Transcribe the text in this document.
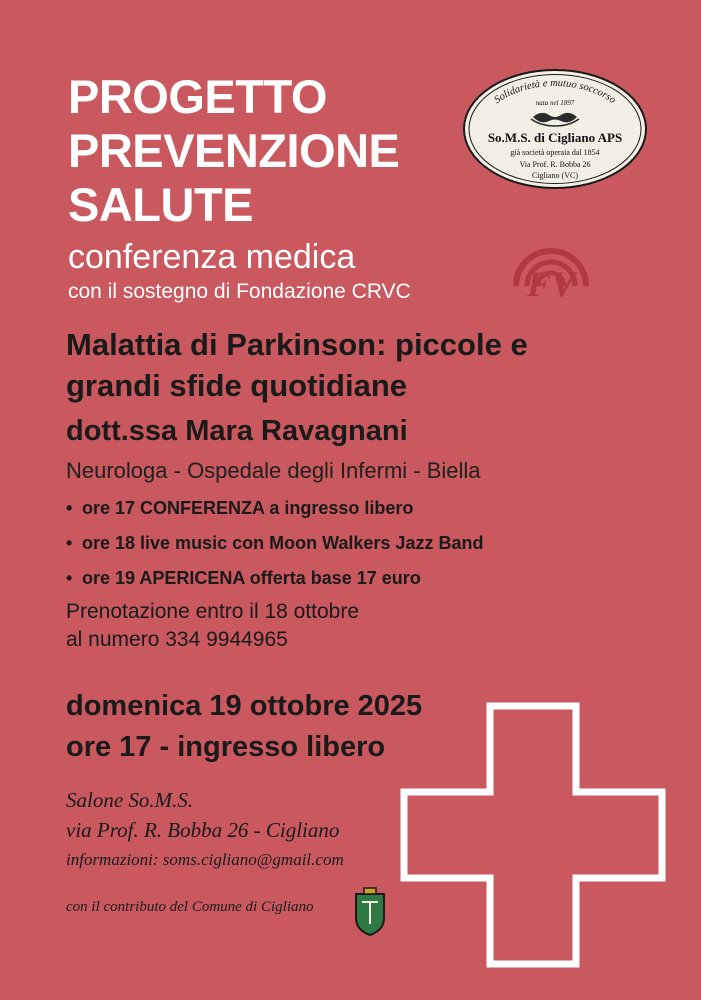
Solidarietà e mutuo soccorso
nata nel 1897
So.M.S. di Cigliano APS
già società operaia dal 1854
Via Prof. R. Bobba 26
Cigliano (VC)
FV
PROGETTO
PREVENZIONE
SALUTE
conferenza medica
con il sostegno di Fondazione CRVC
Malattia di Parkinson: piccole e
grandi sfide quotidiane
dott.ssa Mara Ravagnani
Neurologa - Ospedale degli Infermi - Biella
• ore 17 CONFERENZA a ingresso libero
• ore 18 live music con Moon Walkers Jazz Band
• ore 19 APERICENA offerta base 17 euro
Prenotazione entro il 18 ottobre
al numero 334 9944965
domenica 19 ottobre 2025
ore 17 - ingresso libero
Salone So.M.S.
via Prof. R. Bobba 26 - Cigliano
informazioni: soms.cigliano@gmail.com
con il contributo del Comune di Cigliano
